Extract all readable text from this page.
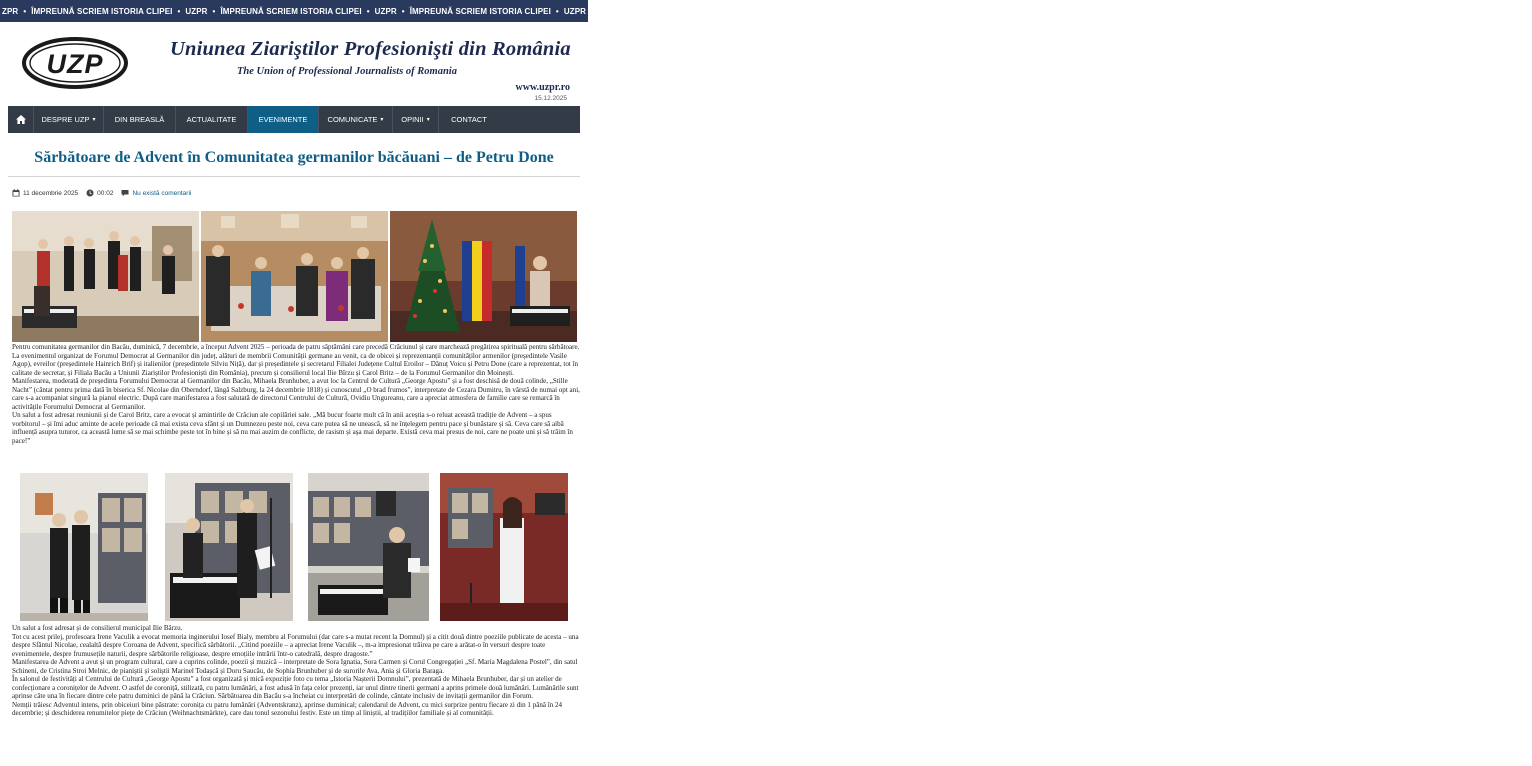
ZPR • ÎMPREUNĂ SCRIEM ISTORIA CLIPEI • UZPR • ÎMPREUNĂ SCRIEM ISTORIA CLIPEI • UZPR • ÎMPREUNĂ SCRIEM ISTORIA CLIPEI • UZPR • ÎMPREUNĂ SCRIEM ISTORIA CLIPEI • UZPR • ÎMPREUNĂ SCRIEM ISTORIA CLIPEI • UZPR • ÎMPREUNĂ SCRIEM ISTORIA CLIPEI • UZPR • ÎMPREUNĂ SCRIEM ISTORIA CLIPEI • UZPR • ÎMPREUNĂ SCRIEM ISTORIA CLIPEI • UZPR
UZP	Uniunea Ziariştilor Profesionişti din România
The Union of Professional Journalists of Romania
www.uzpr.ro
15.12.2025
DESPRE UZP ▾	DIN BREASLĂ	ACTUALITATE	EVENIMENTE	COMUNICATE ▾ OPINII ▾	CONTACT
Sărbătoare de Advent în Comunitatea germanilor băcăuani – de Petru Done
11 decembrie 2025	00:02	Nu există comentarii

Pentru comunitatea germanilor din Bacău, duminică, 7 decembrie, a început Advent 2025 – perioada de patru săptămâni care precedă Crăciunul și care marchează pregătirea spirituală pentru sărbătoare. La evenimentul organizat de Forumul Democrat al Germanilor din județ, alături de membrii Comunității germane au venit, ca de obicei și reprezentanții comunităților armenilor (președintele Vasile Agop), evreilor (președintele Hainrich Brif) și italienilor (președintele Silviu Niță), dar și președintele și secretarul Filialei Județene Cultul Eroilor – Dănuț Voicu și Petru Done (care a reprezentat, tot în calitate de secretar, și Filiala Bacău a Uniunii Ziariștilor Profesioniști din România), precum și consilierul local Ilie Bîrzu și Carol Britz – de la Forumul Germanilor din Moinești.

Manifestarea, moderată de președinta Forumului Democrat al Germanilor din Bacău, Mihaela Brunhuber, a avut loc la Centrul de Cultură „George Apostu” și a fost deschisă de două colinde, „Stille Nacht” (cântat pentru prima dată în biserica Sf. Nicolae din Oberndorf, lângă Salzburg, la 24 decembrie 1818) și cunoscutul „O brad frumos”, interpretate de Cezara Dumitru, în vârstă de numai opt ani, care s-a acompaniat singură la pianul electric. După care manifestarea a fost salutată de directorul Centrului de Cultură, Ovidiu Ungureanu, care a apreciat atmosfera de familie care se remarcă în activitățile Forumului Democrat al Germanilor.

Un salut a fost adresat reuniunii și de Carol Britz, care a evocat și amintirile de Crăciun ale copilăriei sale. „Mă bucur foarte mult că în anii aceștia s-o reluat această tradiție de Advent – a spus vorbitorul – și îmi aduc aminte de acele perioade că mai exista ceva sfânt și un Dumnezeu peste noi, ceva care putea să ne unească, să ne înțelegem pentru pace și bunăstare și să. Ceva care să aibă influență asupra tuturor, ca această lume să se mai schimbe peste tot în bine și să nu mai auzim de conflicte, de rasism și aşa mai departe. Există ceva mai presus de noi, care ne poate uni și să trăim în pace!”

Un salut a fost adresat și de consilierul municipal Ilie Bârzu.

Tot cu acest prilej, profesoara Irene Vaculik a evocat memoria inginerului Iosef Bialy, membru al Forumului (dar care s-a mutat recent la Domnul) și a citit două dintre poeziile publicate de acesta – una despre Sfântul Nicolae, cealaltă despre Coroana de Advent, specifică sărbătorii. „Citind poeziile – a apreciat Irene Vaculik –, m-a impresionat trăirea pe care a arătat-o în versuri despre toate evenimentele, despre frumusețile naturii, despre sărbătorile religioase, despre emoțiile intrării într-o catedrală, despre dragoste.”

Manifestarea de Advent a avut și un program cultural, care a cuprins colinde, poezii și muzică – interpretate de Sora Ignatia, Sora Carmen și Corul Congregației „Sf. Maria Magdalena Postel”, din satul Schineni, de Cristina Stroi Melnic, de pianiștii și soliștii Marinel Todașcă și Doru Saucău, de Sophia Brunhuber și de surorile Ava, Ania și Gloria Baraga.

În salonul de festivități al Centrului de Cultură „George Apostu” a fost organizată și mică expoziție foto cu tema „Istoria Nașterii Domnului”, prezentată de Mihaela Brunhuber, dar și un atelier de confecționare a coronițelor de Advent. O astfel de coroniță, stilizată, cu patru lumânări, a fost adusă în fața celor prezenți, iar unul dintre tinerii germani a aprins primele două lumânări. Lumânările sunt aprinse câte una în fiecare dintre cele patru duminici de până la Crăciun. Sărbătoarea din Bacău s-a încheiat cu interpretări de colinde, cântate inclusiv de invitații germanilor din Forum.

Nemții trăiesc Adventul intens, prin obiceiuri bine păstrate: coronița cu patru lumânări (Adventskranz), aprinse duminical; calendarul de Advent, cu mici surprize pentru fiecare zi din 1 până în 24 decembrie; și deschiderea renumitelor piețe de Crăciun (Weihnachtsmärkte), care dau tonul sezonului festiv. Este un timp al liniștii, al tradițiilor familiale și al comunității.
